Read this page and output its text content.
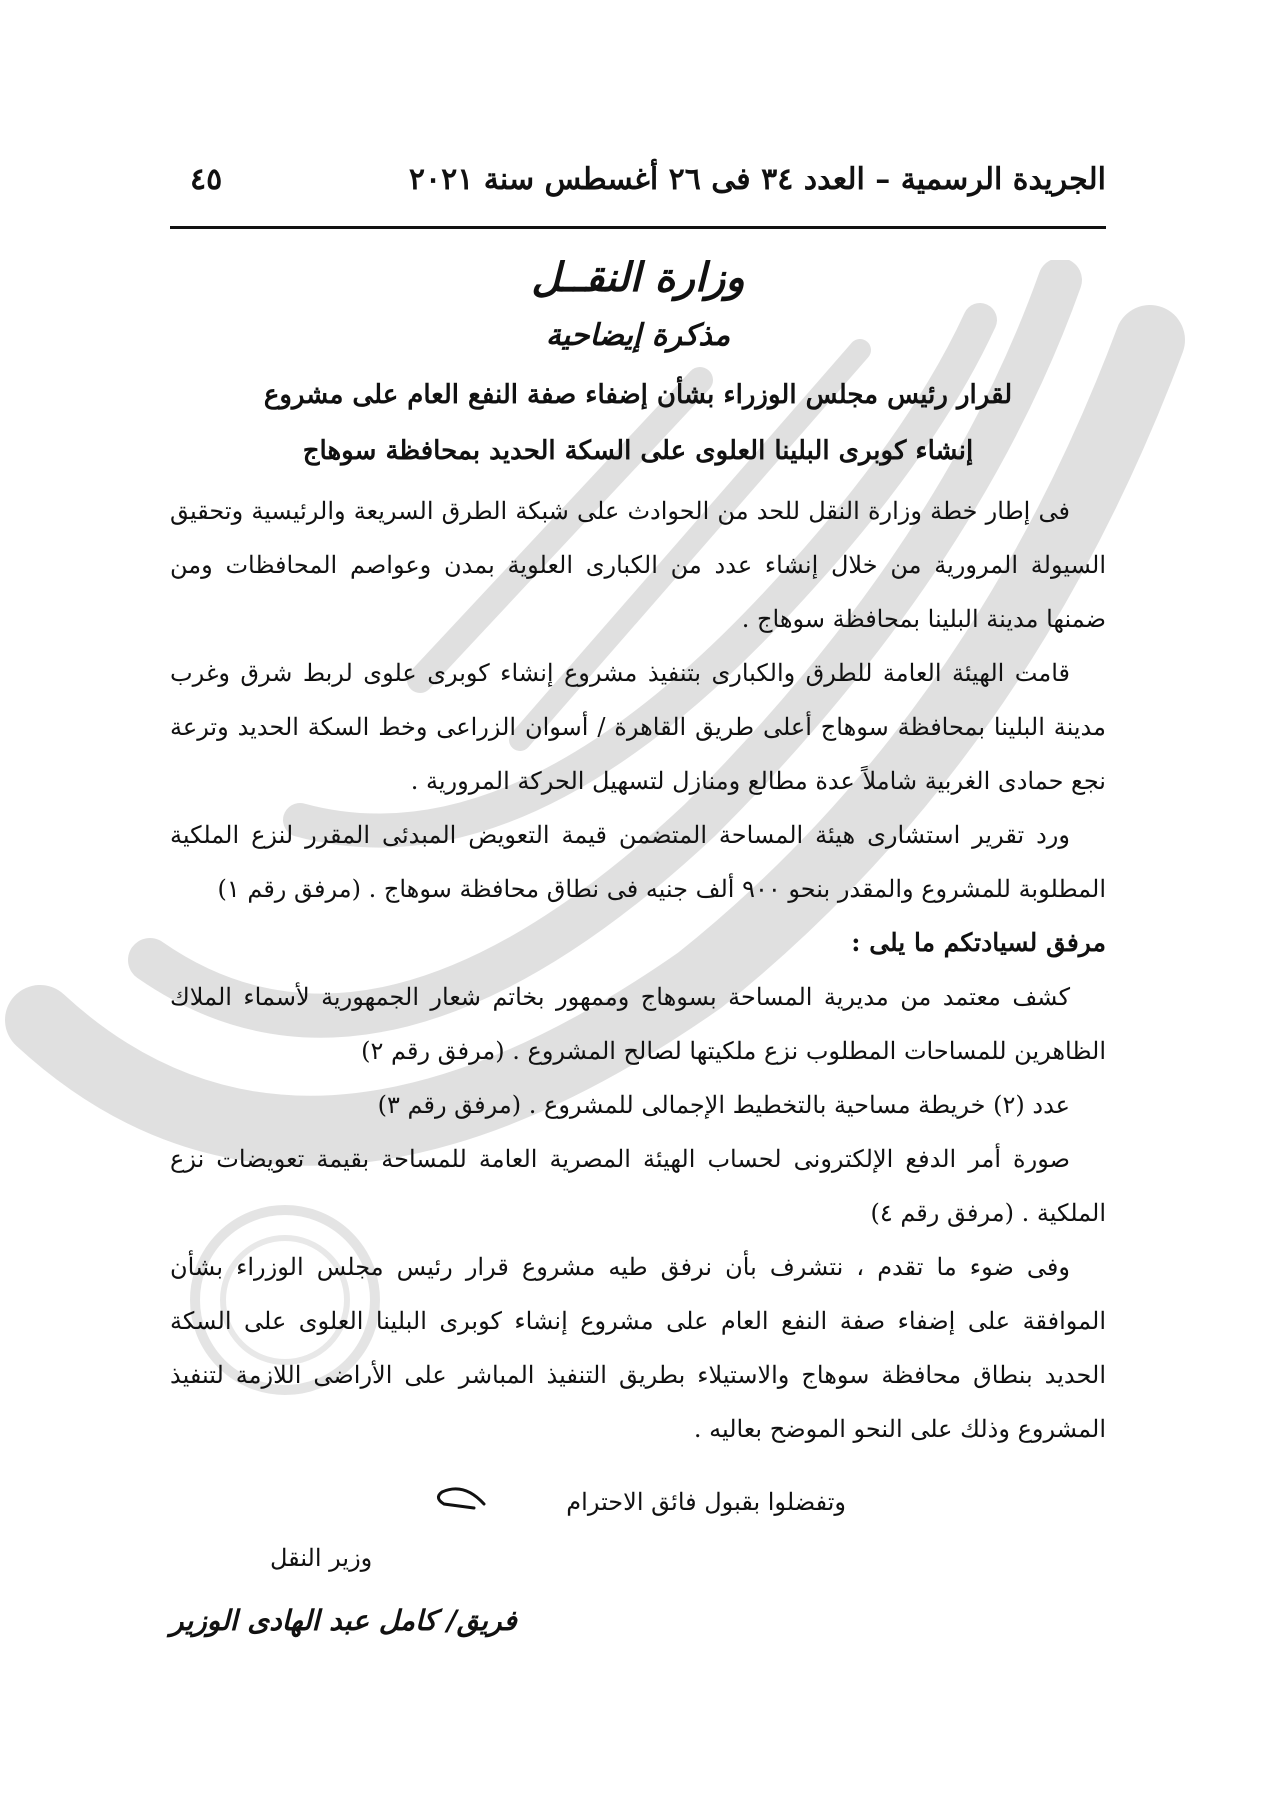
الجريدة الرسمية – العدد ٣٤ فى ٢٦ أغسطس سنة ٢٠٢١
٤٥
وزارة النقــل
مذكرة إيضاحية
لقرار رئيس مجلس الوزراء بشأن إضفاء صفة النفع العام على مشروع
إنشاء كوبرى البلينا العلوى على السكة الحديد بمحافظة سوهاج

فى إطار خطة وزارة النقل للحد من الحوادث على شبكة الطرق السريعة والرئيسية وتحقيق السيولة المرورية من خلال إنشاء عدد من الكبارى العلوية بمدن وعواصم المحافظات ومن ضمنها مدينة البلينا بمحافظة سوهاج .

قامت الهيئة العامة للطرق والكبارى بتنفيذ مشروع إنشاء كوبرى علوى لربط شرق وغرب مدينة البلينا بمحافظة سوهاج أعلى طريق القاهرة / أسوان الزراعى وخط السكة الحديد وترعة نجع حمادى الغربية شاملاً عدة مطالع ومنازل لتسهيل الحركة المرورية .

ورد تقرير استشارى هيئة المساحة المتضمن قيمة التعويض المبدئى المقرر لنزع الملكية المطلوبة للمشروع والمقدر بنحو ٩٠٠ ألف جنيه فى نطاق محافظة سوهاج . (مرفق رقم ١)

مرفق لسيادتكم ما يلى :

كشف معتمد من مديرية المساحة بسوهاج وممهور بخاتم شعار الجمهورية لأسماء الملاك الظاهرين للمساحات المطلوب نزع ملكيتها لصالح المشروع . (مرفق رقم ٢)

عدد (٢) خريطة مساحية بالتخطيط الإجمالى للمشروع . (مرفق رقم ٣)

صورة أمر الدفع الإلكترونى لحساب الهيئة المصرية العامة للمساحة بقيمة تعويضات نزع الملكية . (مرفق رقم ٤)

وفى ضوء ما تقدم ، نتشرف بأن نرفق طيه مشروع قرار رئيس مجلس الوزراء بشأن الموافقة على إضفاء صفة النفع العام على مشروع إنشاء كوبرى البلينا العلوى على السكة الحديد بنطاق محافظة سوهاج والاستيلاء بطريق التنفيذ المباشر على الأراضى اللازمة لتنفيذ المشروع وذلك على النحو الموضح بعاليه .

وتفضلوا بقبول فائق الاحترام
وزير النقل
فريق/ كامل عبد الهادى الوزير
